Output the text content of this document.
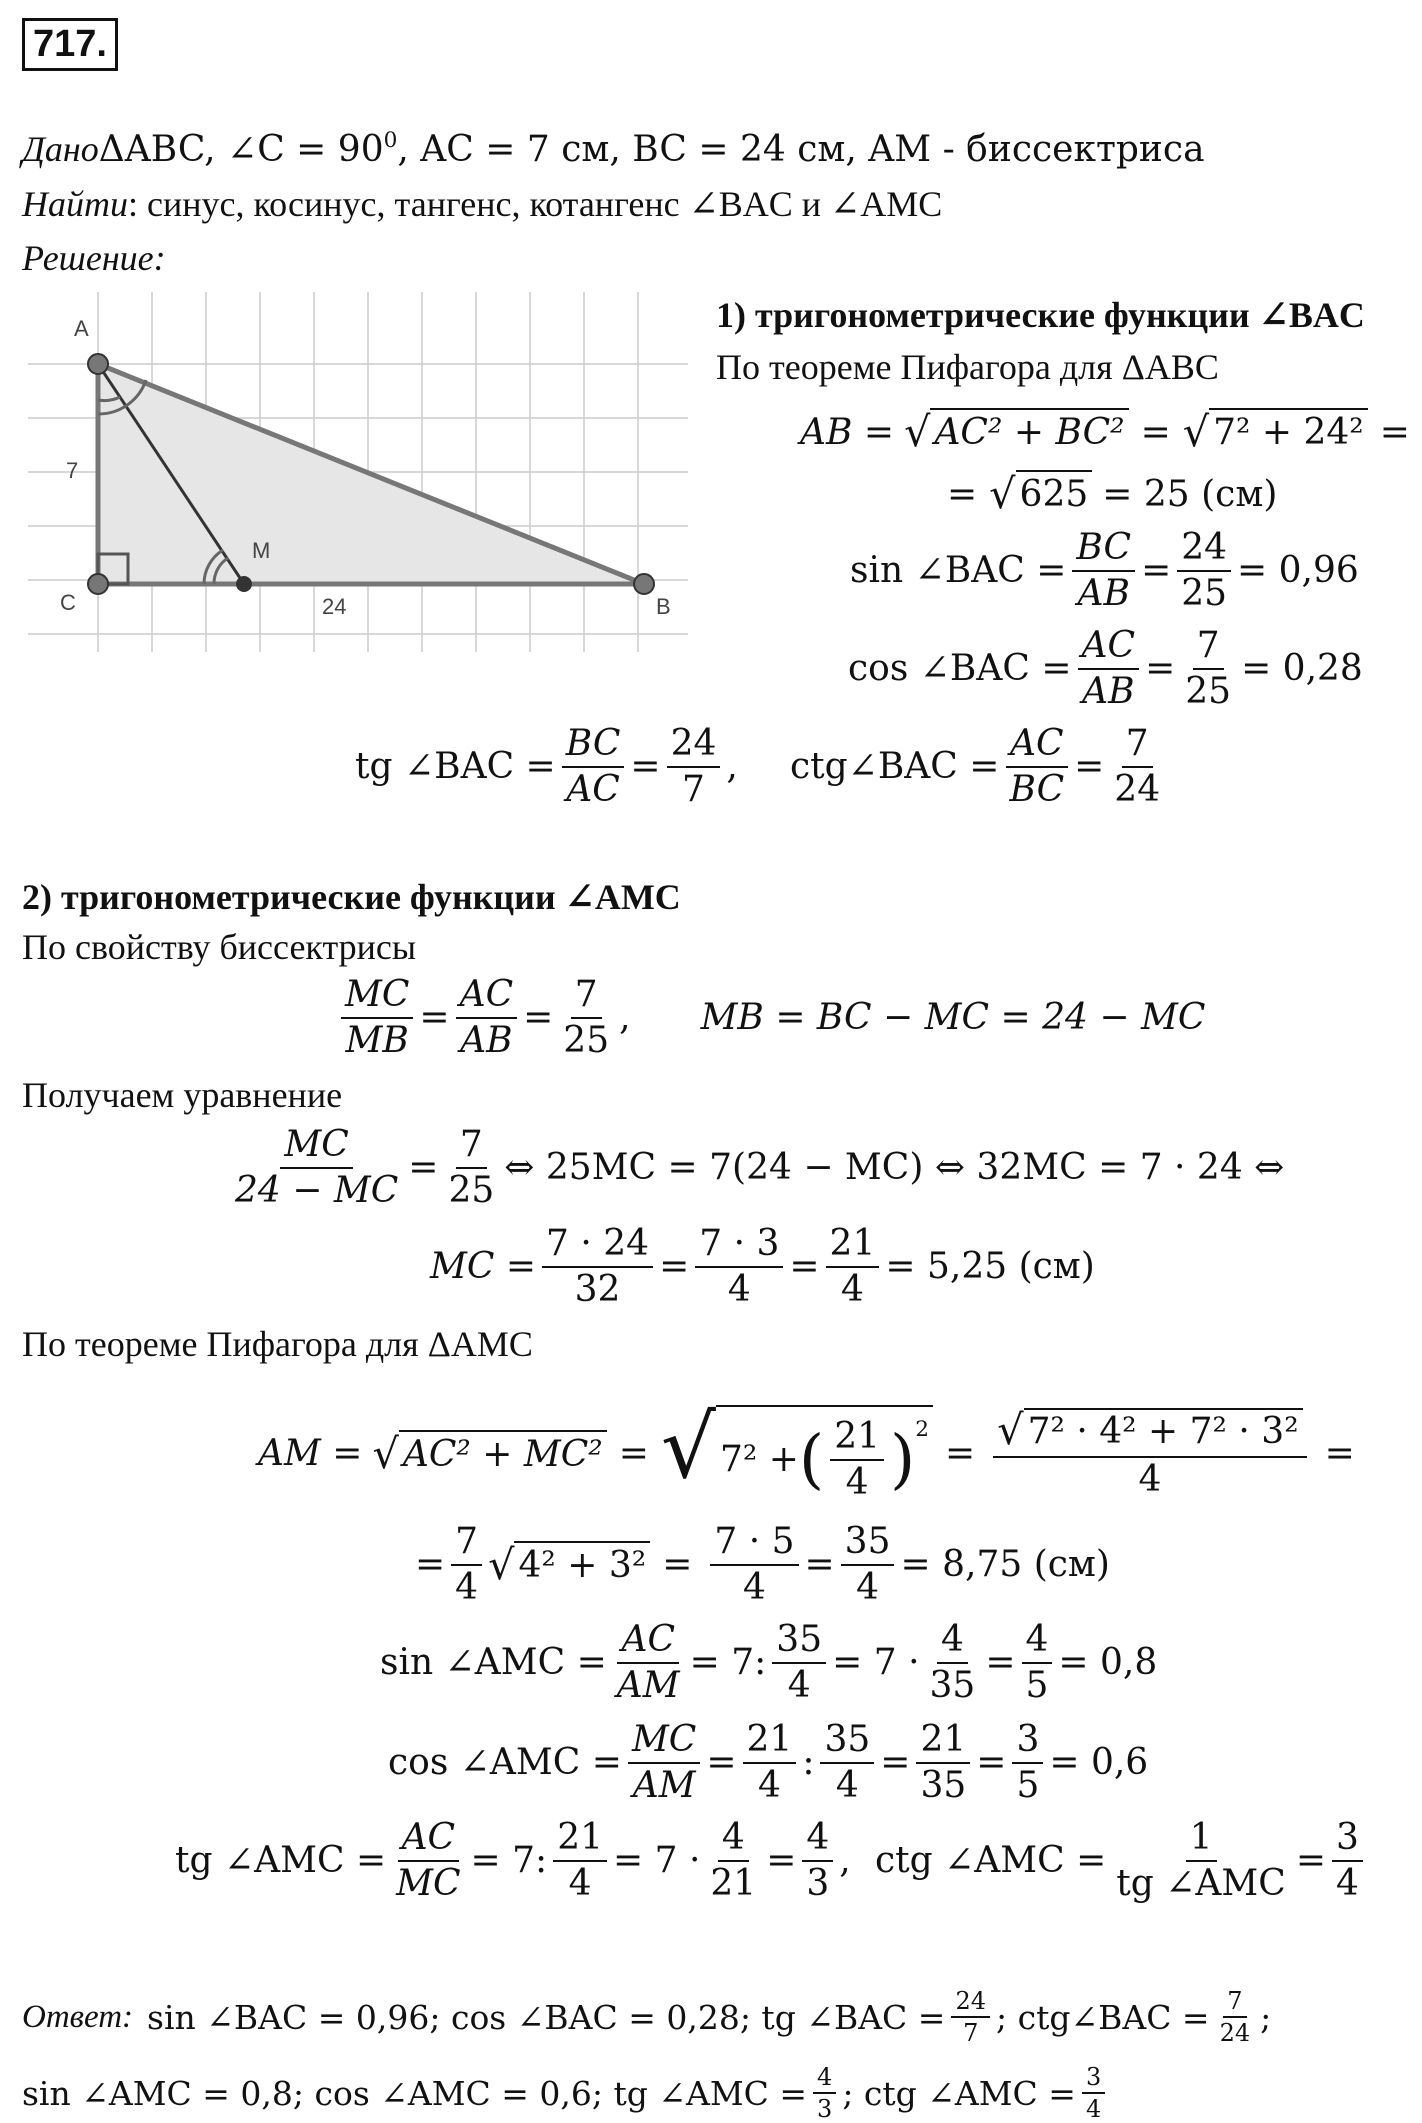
717.
Дано ΔABC, ∠C = $90^0$ , AC = 7 см, BC = 24 см, AM - биссектриса
Найти : синус, косинус, тангенс, котангенс ∠BAC и ∠AMC
Решение:
A
C	B
M
7
24
1) тригонометрические функции ∠BAC
По теореме Пифагора для ΔABC
AB = √ AC² + BC² = √ 7² + 24² =
= √ 625 = 25 (см)
sin ∠BAC = $\frac{BC}{AB} = \frac{24}{25} = 0,96$
cos ∠BAC = $\frac{AC}{AB} = \frac{7}{25} = 0,28$
tg ∠BAC = $\frac{BC}{AC} = \frac{24}{7}$ , ctg∠BAC = $\frac{AC}{BC} = \frac{7}{24}$
2) тригонометрические функции ∠AMC
По свойству биссектрисы
$\frac{MC}{MB} = \frac{AC}{AB} = \frac{7}{25}$ , MB = BC − MC = 24 − MC
Получаем уравнение
$\frac{MC}{24 - MC} = \frac{7}{25}$ ⇔ 25MC = 7(24 − MC) ⇔ 32MC = 7 · 24 ⇔
MC = $\frac{7 \cdot 24}{32} = \frac{7 \cdot 3}{4} = \frac{21}{4} = 5,25$ (см)
По теореме Пифагора для ΔAMC
AM = √ AC² + MC² = √ 7² + ( $\frac{21}{4} )^2$
= $\frac{\text{√ 7² · 4² + 7² · 3²}}{4}$ =
= $\frac{7}{4}$ √ $4^2 + 3^2 = \frac{7 \cdot 5}{4} = \frac{35}{4} = 8,75$ (см)
sin ∠AMC = $\frac{AC}{AM} = 7$: $\frac{35}{4} = 7 \cdot \frac{4}{35} = \frac{4}{5} = 0,8$
cos ∠AMC = $\frac{MC}{AM} = \frac{21}{4}$ : $\frac{35}{4} = \frac{21}{35} = \frac{3}{5} = 0,6$
tg ∠AMC = $\frac{AC}{MC} = 7$: $\frac{21}{4} = 7 \cdot \frac{4}{21} = \frac{4}{3}$ , ctg ∠AMC = $\frac{1}{\text{tg ∠AMC}} = \frac{3}{4}$
Ответ: sin ∠BAC = 0,96; cos ∠BAC = 0,28; tg ∠BAC = $\frac{24}{7}$ ; ctg∠BAC = $\frac{7}{24}$ ;
sin ∠AMC = 0,8; cos ∠AMC = 0,6; tg ∠AMC = $\frac{4}{3}$ ; ctg ∠AMC = $\frac{3}{4}$
